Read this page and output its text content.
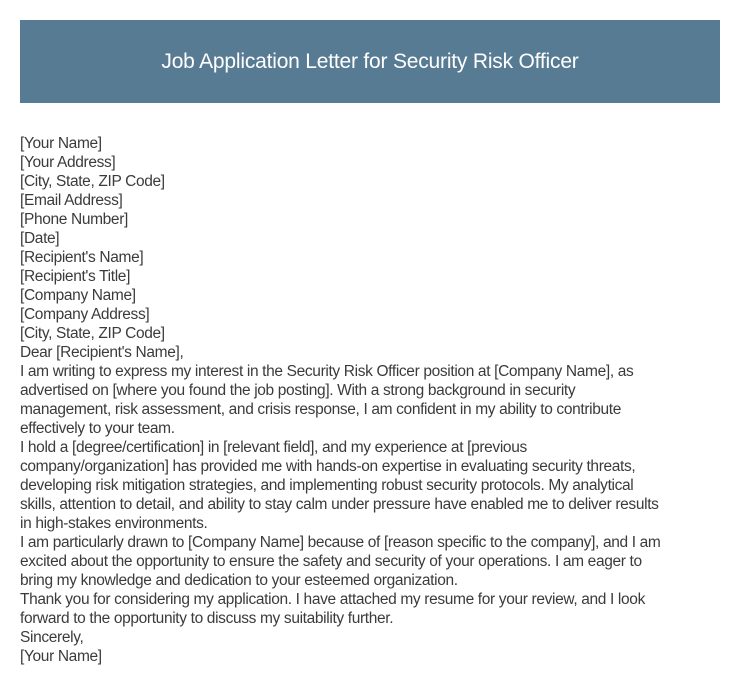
Job Application Letter for Security Risk Officer
[Your Name]
[Your Address]
[City, State, ZIP Code]
[Email Address]
[Phone Number]
[Date]
[Recipient's Name]
[Recipient's Title]
[Company Name]
[Company Address]
[City, State, ZIP Code]
Dear [Recipient's Name],
I am writing to express my interest in the Security Risk Officer position at [Company Name], as
advertised on [where you found the job posting]. With a strong background in security
management, risk assessment, and crisis response, I am confident in my ability to contribute
effectively to your team.
I hold a [degree/certification] in [relevant field], and my experience at [previous
company/organization] has provided me with hands-on expertise in evaluating security threats,
developing risk mitigation strategies, and implementing robust security protocols. My analytical
skills, attention to detail, and ability to stay calm under pressure have enabled me to deliver results
in high-stakes environments.
I am particularly drawn to [Company Name] because of [reason specific to the company], and I am
excited about the opportunity to ensure the safety and security of your operations. I am eager to
bring my knowledge and dedication to your esteemed organization.
Thank you for considering my application. I have attached my resume for your review, and I look
forward to the opportunity to discuss my suitability further.
Sincerely,
[Your Name]
